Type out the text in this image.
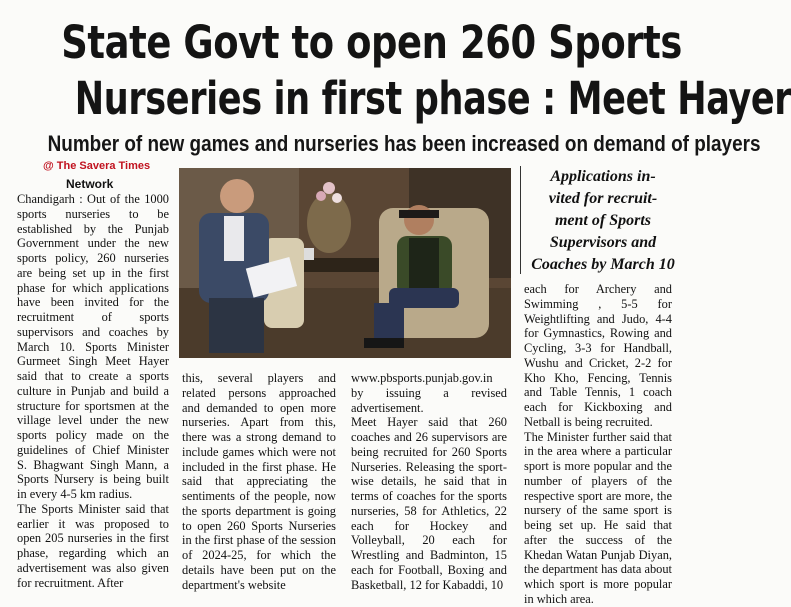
State Govt to open 260 Sports
Nurseries in first phase : Meet Hayer
Number of new games and nurseries has been increased on demand of players
@ The Savera Times
Network

Chandigarh : Out of the 1000 sports nurseries to be established by the Punjab Government under the new sports policy, 260 nurseries are being set up in the first phase for which applications have been invited for the recruitment of sports supervisors and coaches by March 10. Sports Minister Gurmeet Singh Meet Hayer said that to create a sports culture in Punjab and build a structure for sportsmen at the village level under the new sports policy made on the guidelines of Chief Minister S. Bhagwant Singh Mann, a Sports Nursery is being built in every 4-5 km radius.

The Sports Minister said that earlier it was proposed to open 205 nurseries in the first phase, regarding which an advertisement was also given for recruitment. After

this, several players and related persons approached and demanded to open more nurseries. Apart from this, there was a strong demand to include games which were not included in the first phase. He said that appreciating the sentiments of the people, now the sports department is going to open 260 Sports Nurseries in the first phase of the session of 2024-25, for which the details have been put on the department's website

www.pbsports.punjab.gov.in by issuing a revised advertisement.

Meet Hayer said that 260 coaches and 26 supervisors are being recruited for 260 Sports Nurseries. Releasing the sport-wise details, he said that in terms of coaches for the sports nurseries, 58 for Athletics, 22 each for Hockey and Volleyball, 20 each for Wrestling and Badminton, 15 each for Football, Boxing and Basketball, 12 for Kabaddi, 10

Applications in-
vited for recruit-
ment of Sports
Supervisors and
Coaches by March 10

each for Archery and Swimming , 5-5 for Weightlifting and Judo, 4-4 for Gymnastics, Rowing and Cycling, 3-3 for Handball, Wushu and Cricket, 2-2 for Kho Kho, Fencing, Tennis and Table Tennis, 1 coach each for Kickboxing and Netball is being recruited.

The Minister further said that in the area where a particular sport is more popular and the number of players of the respective sport are more, the nursery of the same sport is being set up. He said that after the success of the Khedan Watan Punjab Diyan, the department has data about which sport is more popular in which area.
